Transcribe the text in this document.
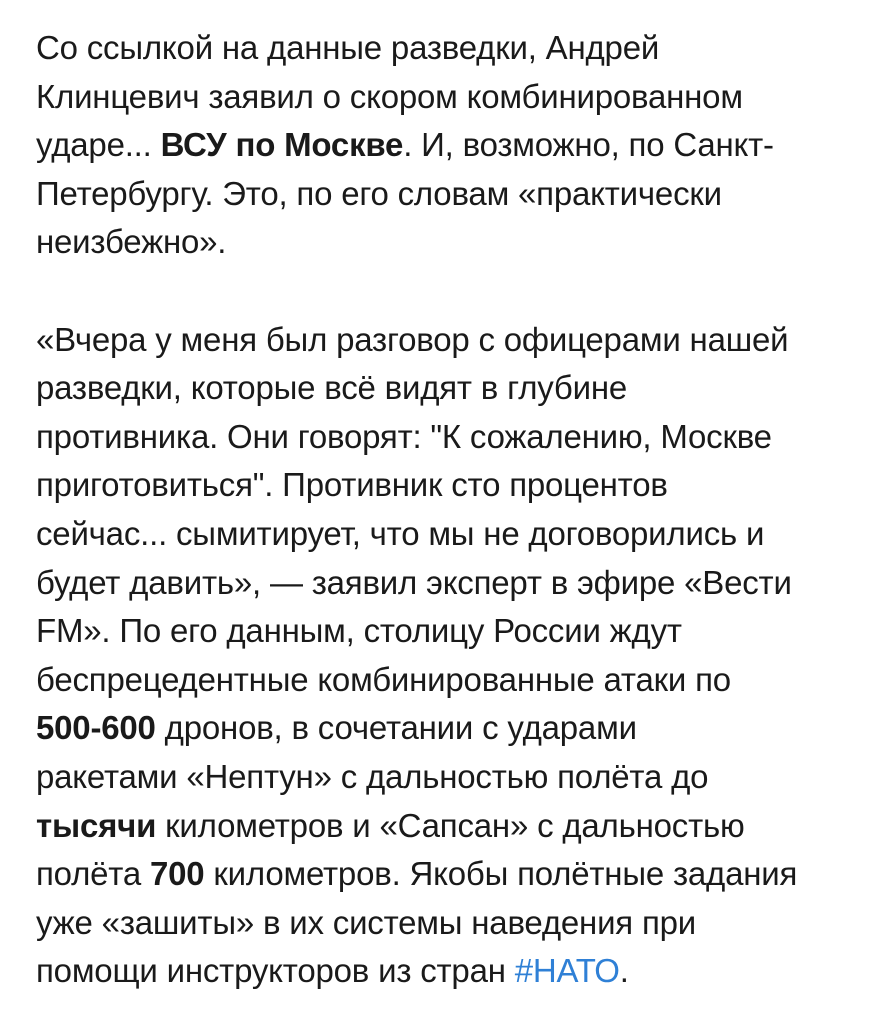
Со ссылкой на данные разведки, Андрей
Клинцевич заявил о скором комбинированном
ударе... ВСУ по Москве. И, возможно, по Санкт-
Петербургу. Это, по его словам «практически
неизбежно».

«Вчера у меня был разговор с офицерами нашей
разведки, которые всё видят в глубине
противника. Они говорят: "К сожалению, Москве
приготовиться". Противник сто процентов
сейчас... сымитирует, что мы не договорились и
будет давить», — заявил эксперт в эфире «Вести
FM». По его данным, столицу России ждут
беспрецедентные комбинированные атаки по
500-600 дронов, в сочетании с ударами
ракетами «Нептун» с дальностью полёта до
тысячи километров и «Сапсан» с дальностью
полёта 700 километров. Якобы полётные задания
уже «зашиты» в их системы наведения при
помощи инструкторов из стран #НАТО.
